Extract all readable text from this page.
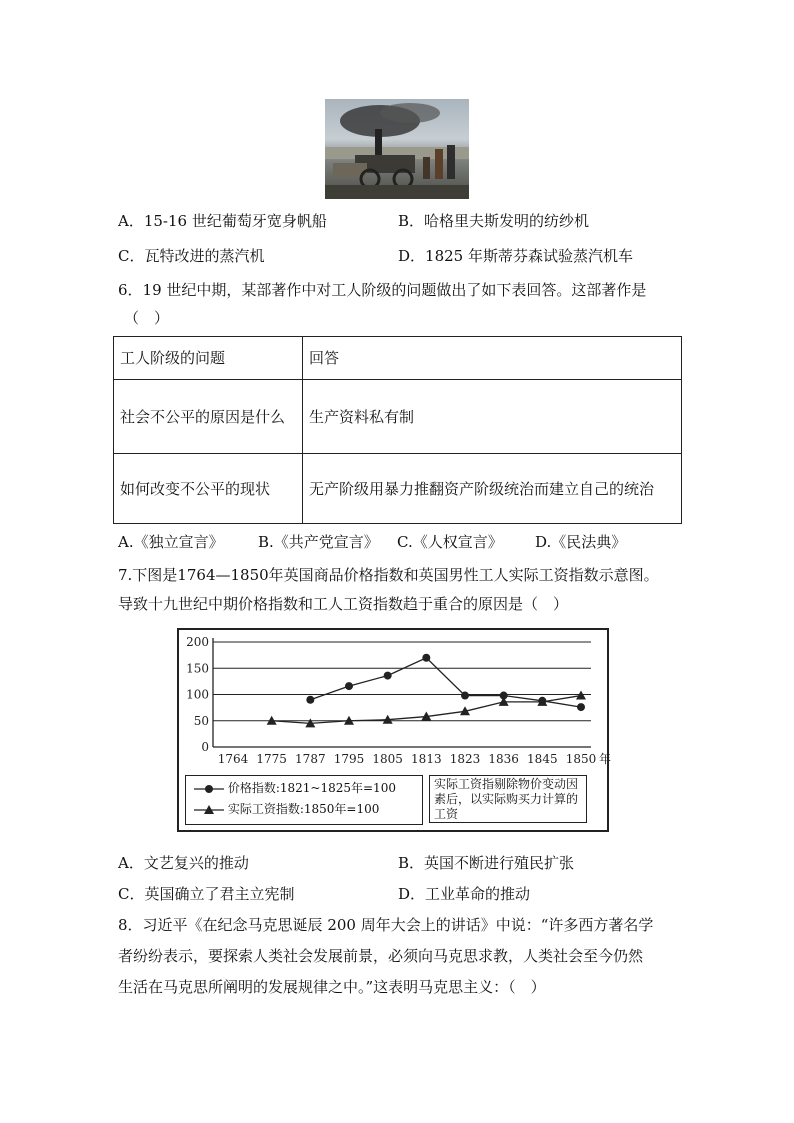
A．15-16 世纪葡萄牙宽身帆船	B．哈格里夫斯发明的纺纱机
C．瓦特改进的蒸汽机	D．1825 年斯蒂芬森试验蒸汽机车
6．19 世纪中期，某部著作中对工人阶级的问题做出了如下表回答。这部著作是
（　）
工人阶级的问题	回答
社会不公平的原因是什么	生产资料私有制
如何改变不公平的现状	无产阶级用暴力推翻资产阶级统治而建立自己的统治
A.《独立宣言》 B.《共产党宣言》 C.《人权宣言》 D.《民法典》
7.下图是1764—1850年英国商品价格指数和英国男性工人实际工资指数示意图。
导致十九世纪中期价格指数和工人工资指数趋于重合的原因是（　）
0
50
100
150
200
1764 1775 1787 1795 1805 1813 1823 1836 1845 1850 年
价格指数:1821~1825年=100
实际工资指数:1850年=100
实际工资指剔除物价变动因素后，以实际购买力计算的工资
A．文艺复兴的推动	B．英国不断进行殖民扩张
C．英国确立了君主立宪制	D．工业革命的推动
8．习近平《在纪念马克思诞辰 200 周年大会上的讲话》中说：“许多西方著名学
者纷纷表示，要探索人类社会发展前景，必须向马克思求教，人类社会至今仍然
生活在马克思所阐明的发展规律之中。”这表明马克思主义：（　）
